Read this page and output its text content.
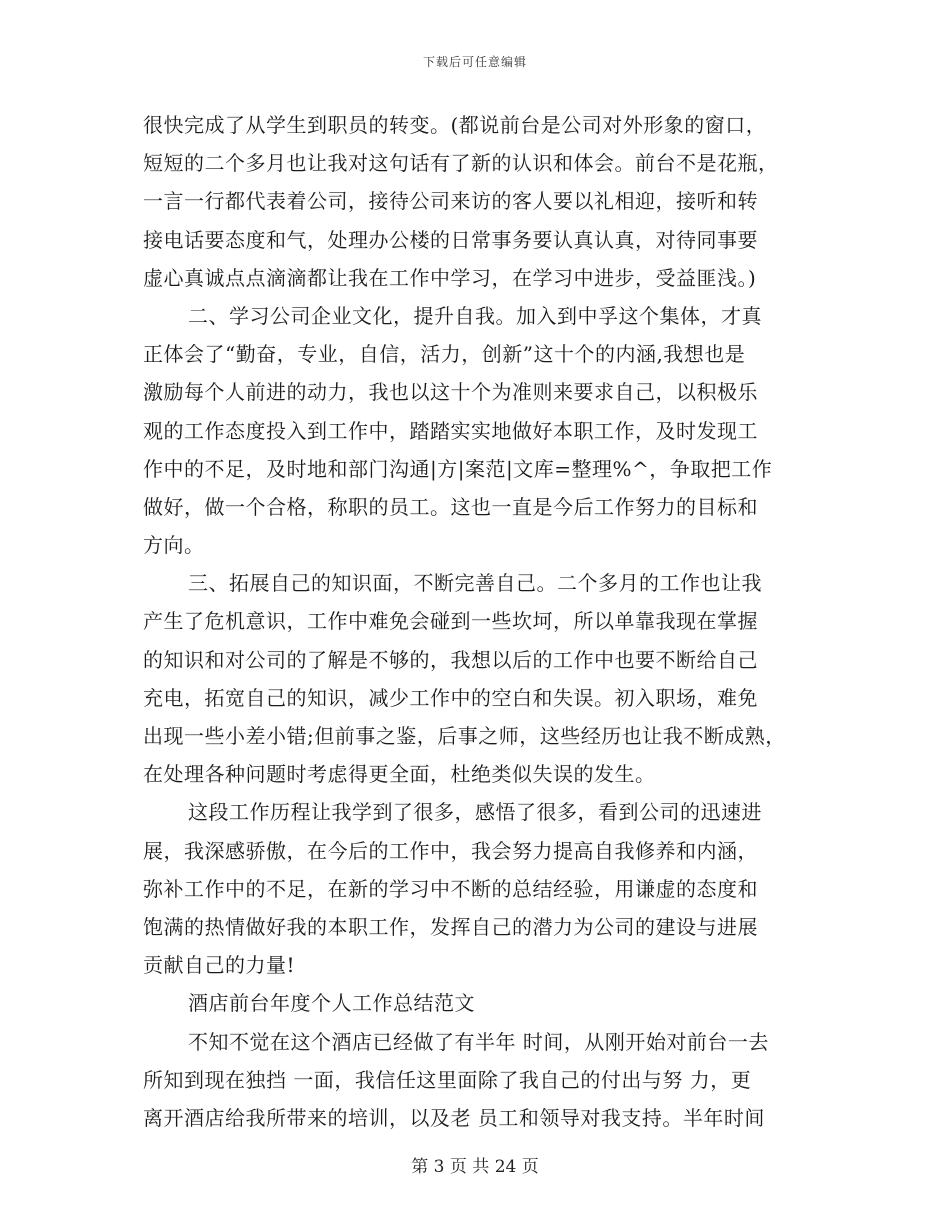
下载后可任意编辑
很快完成了从学生到职员的转变。(都说前台是公司对外形象的窗口，
短短的二个多月也让我对这句话有了新的认识和体会。前台不是花瓶，
一言一行都代表着公司，接待公司来访的客人要以礼相迎，接听和转
接电话要态度和气，处理办公楼的日常事务要认真认真，对待同事要
虚心真诚点点滴滴都让我在工作中学习，在学习中进步，受益匪浅。)
二、学习公司企业文化，提升自我。加入到中孚这个集体，才真
正体会了“勤奋，专业，自信，活力，创新”这十个的内涵,我想也是
激励每个人前进的动力，我也以这十个为准则来要求自己，以积极乐
观的工作态度投入到工作中，踏踏实实地做好本职工作，及时发现工
作中的不足，及时地和部门沟通|方|案范|文库=整理%^，争取把工作
做好，做一个合格，称职的员工。这也一直是今后工作努力的目标和
方向。
三、拓展自己的知识面，不断完善自己。二个多月的工作也让我
产生了危机意识，工作中难免会碰到一些坎坷，所以单靠我现在掌握
的知识和对公司的了解是不够的，我想以后的工作中也要不断给自己
充电，拓宽自己的知识，减少工作中的空白和失误。初入职场，难免
出现一些小差小错;但前事之鉴，后事之师，这些经历也让我不断成熟，
在处理各种问题时考虑得更全面，杜绝类似失误的发生。
这段工作历程让我学到了很多，感悟了很多，看到公司的迅速进
展，我深感骄傲，在今后的工作中，我会努力提高自我修养和内涵，
弥补工作中的不足，在新的学习中不断的总结经验，用谦虚的态度和
饱满的热情做好我的本职工作，发挥自己的潜力为公司的建设与进展
贡献自己的力量!
酒店前台年度个人工作总结范文
不知不觉在这个酒店已经做了有半年 时间，从刚开始对前台一去
所知到现在独挡 一面，我信任这里面除了我自己的付出与努 力，更
离开酒店给我所带来的培训，以及老 员工和领导对我支持。半年时间
第 3 页 共 24 页
